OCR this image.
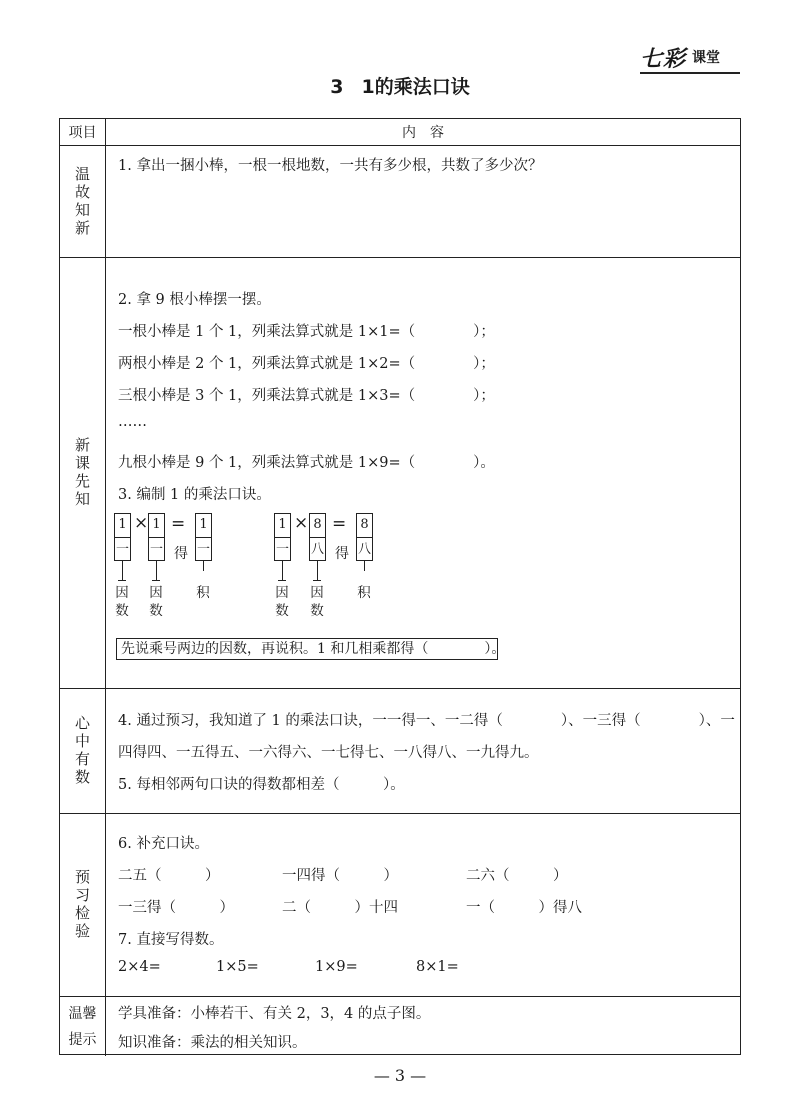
七彩 课堂
3 1的乘法口诀
项目	内　容
温故知新 1. 拿出一捆小棒，一根一根地数，一共有多少根，共数了多少次？
新课先知
2. 拿 9 根小棒摆一摆。
一根小棒是 1 个 1，列乘法算式就是 1×1=（　　　　）；
两根小棒是 2 个 1，列乘法算式就是 1×2=（　　　　）；
三根小棒是 3 个 1，列乘法算式就是 1×3=（　　　　）；
……
九根小棒是 9 个 1，列乘法算式就是 1×9=（　　　　）。
3. 编制 1 的乘法口诀。
1
一
× 1
一
=
得
1
一
因数
因数
积
1
一
× 8
八
=
得
8
八
因数
因数
积
先说乘号两边的因数，再说积。1 和几相乘都得（　　　　）。
心中有数 4. 通过预习，我知道了 1 的乘法口诀，一一得一、一二得（　　　　）、一三得（　　　　）、一
四得四、一五得五、一六得六、一七得七、一八得八、一九得九。
5. 每相邻两句口诀的得数都相差（　　　）。
预习检验
6. 补充口诀。
二五（　　　）	一四得（　　　）	二六（　　　）
一三得（　　　）	二（　　　）十四	一（　　　）得八
7. 直接写得数。
2×4=	1×5=	1×9=	8×1=
温馨
提示
学具准备：小棒若干、有关 2，3，4 的点子图。
知识准备：乘法的相关知识。
— 3 —
